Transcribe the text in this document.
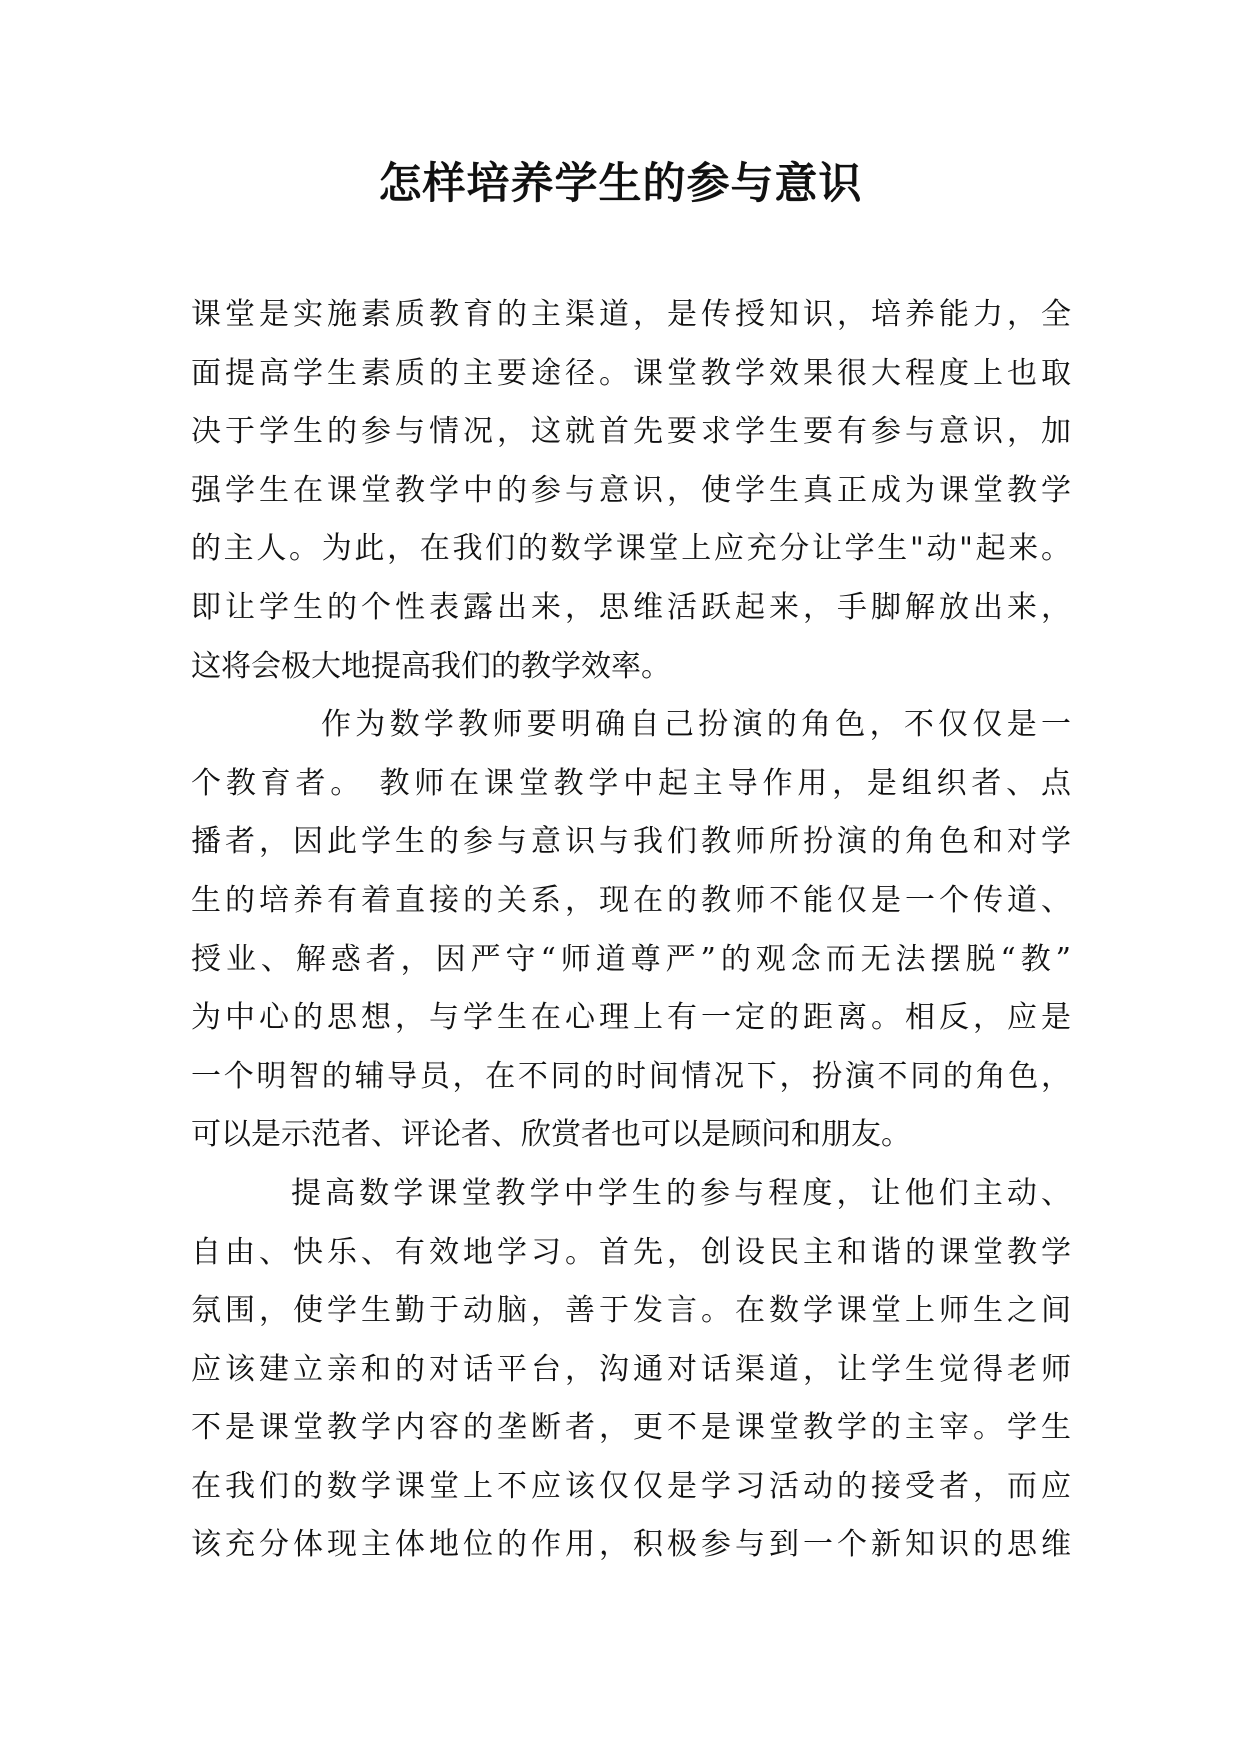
怎样培养学生的参与意识
课堂是实施素质教育的主渠道，是传授知识，培养能力，全
面提高学生素质的主要途径。课堂教学效果很大程度上也取
决于学生的参与情况，这就首先要求学生要有参与意识，加
强学生在课堂教学中的参与意识，使学生真正成为课堂教学
的主人。为此，在我们的数学课堂上应充分让学生"动"起来。
即让学生的个性表露出来，思维活跃起来，手脚解放出来，
这将会极大地提高我们的教学效率。
作为数学教师要明确自己扮演的角色，不仅仅是一
个教育者。 教师在课堂教学中起主导作用，是组织者、点
播者，因此学生的参与意识与我们教师所扮演的角色和对学
生的培养有着直接的关系，现在的教师不能仅是一个传道、
授业、解惑者，因严守“师道尊严”的观念而无法摆脱“教”
为中心的思想，与学生在心理上有一定的距离。相反，应是
一个明智的辅导员，在不同的时间情况下，扮演不同的角色，
可以是示范者、评论者、欣赏者也可以是顾问和朋友。
提高数学课堂教学中学生的参与程度，让他们主动、
自由、快乐、有效地学习。首先，创设民主和谐的课堂教学
氛围，使学生勤于动脑，善于发言。在数学课堂上师生之间
应该建立亲和的对话平台，沟通对话渠道，让学生觉得老师
不是课堂教学内容的垄断者，更不是课堂教学的主宰。学生
在我们的数学课堂上不应该仅仅是学习活动的接受者，而应
该充分体现主体地位的作用，积极参与到一个新知识的思维
